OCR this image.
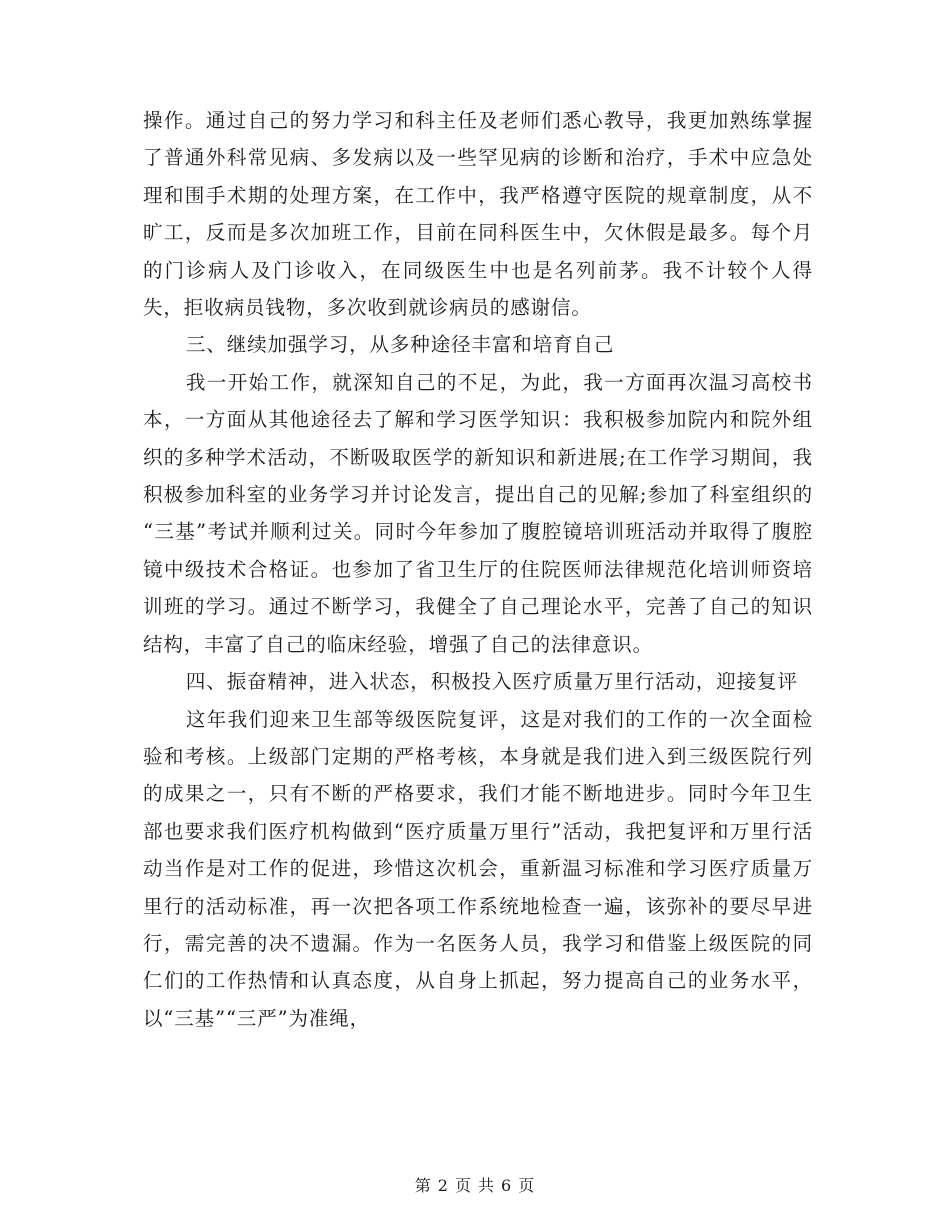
操作。通过自己的努力学习和科主任及老师们悉心教导，我更加熟练掌握了普通外科常见病、多发病以及一些罕见病的诊断和治疗，手术中应急处理和围手术期的处理方案，在工作中，我严格遵守医院的规章制度，从不旷工，反而是多次加班工作，目前在同科医生中，欠休假是最多。每个月的门诊病人及门诊收入，在同级医生中也是名列前茅。我不计较个人得失，拒收病员钱物，多次收到就诊病员的感谢信。

三、继续加强学习，从多种途径丰富和培育自己

我一开始工作，就深知自己的不足，为此，我一方面再次温习高校书本，一方面从其他途径去了解和学习医学知识：我积极参加院内和院外组织的多种学术活动，不断吸取医学的新知识和新进展;在工作学习期间，我积极参加科室的业务学习并讨论发言，提出自己的见解;参加了科室组织的 “三基”考试并顺利过关。同时今年参加了腹腔镜培训班活动并取得了腹腔镜中级技术合格证。也参加了省卫生厅的住院医师法律规范化培训师资培训班的学习。通过不断学习，我健全了自己理论水平，完善了自己的知识结构，丰富了自己的临床经验，增强了自己的法律意识。

四、振奋精神，进入状态，积极投入医疗质量万里行活动，迎接复评

这年我们迎来卫生部等级医院复评，这是对我们的工作的一次全面检验和考核。上级部门定期的严格考核，本身就是我们进入到三级医院行列的成果之一，只有不断的严格要求，我们才能不断地进步。同时今年卫生部也要求我们医疗机构做到“医疗质量万里行”活动，我把复评和万里行活动当作是对工作的促进，珍惜这次机会，重新温习标准和学习医疗质量万里行的活动标准，再一次把各项工作系统地检查一遍，该弥补的要尽早进行，需完善的决不遗漏。作为一名医务人员，我学习和借鉴上级医院的同仁们的工作热情和认真态度，从自身上抓起，努力提高自己的业务水平，以“三基”“三严”为准绳，

第 2 页 共 6 页
